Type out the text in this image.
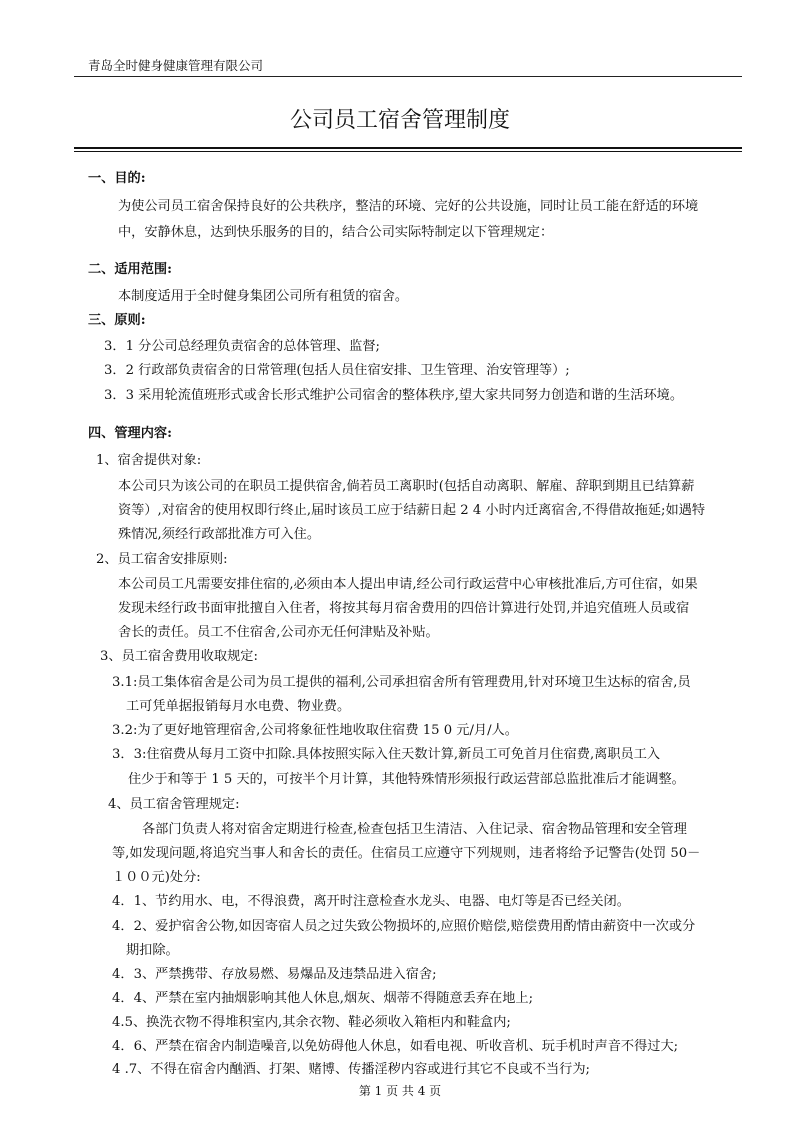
青岛全时健身健康管理有限公司
公司员工宿舍管理制度
一、目的:
为使公司员工宿舍保持良好的公共秩序，整洁的环境、完好的公共设施，同时让员工能在舒适的环境
中，安静休息，达到快乐服务的目的，结合公司实际特制定以下管理规定：
二、适用范围:
本制度适用于全时健身集团公司所有租赁的宿舍。
三、原则:
3．1 分公司总经理负责宿舍的总体管理、监督;
3．2 行政部负责宿舍的日常管理(包括人员住宿安排、卫生管理、治安管理等）;
3．3 采用轮流值班形式或舍长形式维护公司宿舍的整体秩序,望大家共同努力创造和谐的生活环境。
四、管理内容:
1、宿舍提供对象:
本公司只为该公司的在职员工提供宿舍,倘若员工离职时(包括自动离职、解雇、辞职到期且已结算薪
资等）,对宿舍的使用权即行终止,届时该员工应于结薪日起 2 4 小时内迁离宿舍,不得借故拖延;如遇特
殊情况,须经行政部批准方可入住。
2、员工宿舍安排原则:
本公司员工凡需要安排住宿的,必须由本人提出申请,经公司行政运营中心审核批准后,方可住宿，如果
发现未经行政书面审批擅自入住者，将按其每月宿舍费用的四倍计算进行处罚,并追究值班人员或宿
舍长的责任。员工不住宿舍,公司亦无任何津贴及补贴。
3、员工宿舍费用收取规定:
3.1:员工集体宿舍是公司为员工提供的福利,公司承担宿舍所有管理费用,针对环境卫生达标的宿舍,员
工可凭单据报销每月水电费、物业费。
3.2:为了更好地管理宿舍,公司将象征性地收取住宿费 15 0 元/月/人。
3．3:住宿费从每月工资中扣除.具体按照实际入住天数计算,新员工可免首月住宿费,离职员工入
住少于和等于 1 5 天的，可按半个月计算，其他特殊情形须报行政运营部总监批准后才能调整。
4、员工宿舍管理规定:
各部门负责人将对宿舍定期进行检查,检查包括卫生清洁、入住记录、宿舍物品管理和安全管理
等,如发现问题,将追究当事人和舍长的责任。住宿员工应遵守下列规则，违者将给予记警告(处罚 50－
１００元)处分:
4．1、节约用水、电，不得浪费，离开时注意检查水龙头、电器、电灯等是否已经关闭。
4．2、爱护宿舍公物,如因寄宿人员之过失致公物损坏的,应照价赔偿,赔偿费用酌情由薪资中一次或分
期扣除。
4．3、严禁携带、存放易燃、易爆品及违禁品进入宿舍;
4．4、严禁在室内抽烟影响其他人休息,烟灰、烟蒂不得随意丢弃在地上;
4.5、换洗衣物不得堆积室内,其余衣物、鞋必须收入箱柜内和鞋盒内;
4．6、严禁在宿舍内制造噪音,以免妨碍他人休息，如看电视、听收音机、玩手机时声音不得过大;
4 .7、不得在宿舍内酗酒、打架、赌博、传播淫秽内容或进行其它不良或不当行为;
第 1 页 共 4 页
